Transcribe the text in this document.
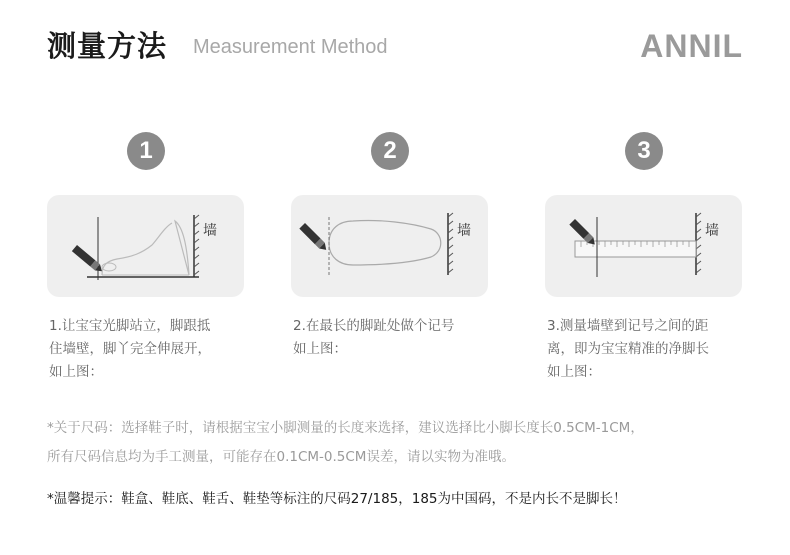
测量方法 Measurement Method	ANNIL
1
墙
1.让宝宝光脚站立，脚跟抵
住墙壁，脚丫完全伸展开，
如上图：
2
墙
2.在最长的脚趾处做个记号
如上图：
3
墙
3.测量墙壁到记号之间的距
离，即为宝宝精准的净脚长
如上图：
*关于尺码：选择鞋子时，请根据宝宝小脚测量的长度来选择，建议选择比小脚长度长0.5CM-1CM，
所有尺码信息均为手工测量，可能存在0.1CM-0.5CM误差，请以实物为准哦。
*温馨提示：鞋盒、鞋底、鞋舌、鞋垫等标注的尺码27/185，185为中国码，不是内长不是脚长！
